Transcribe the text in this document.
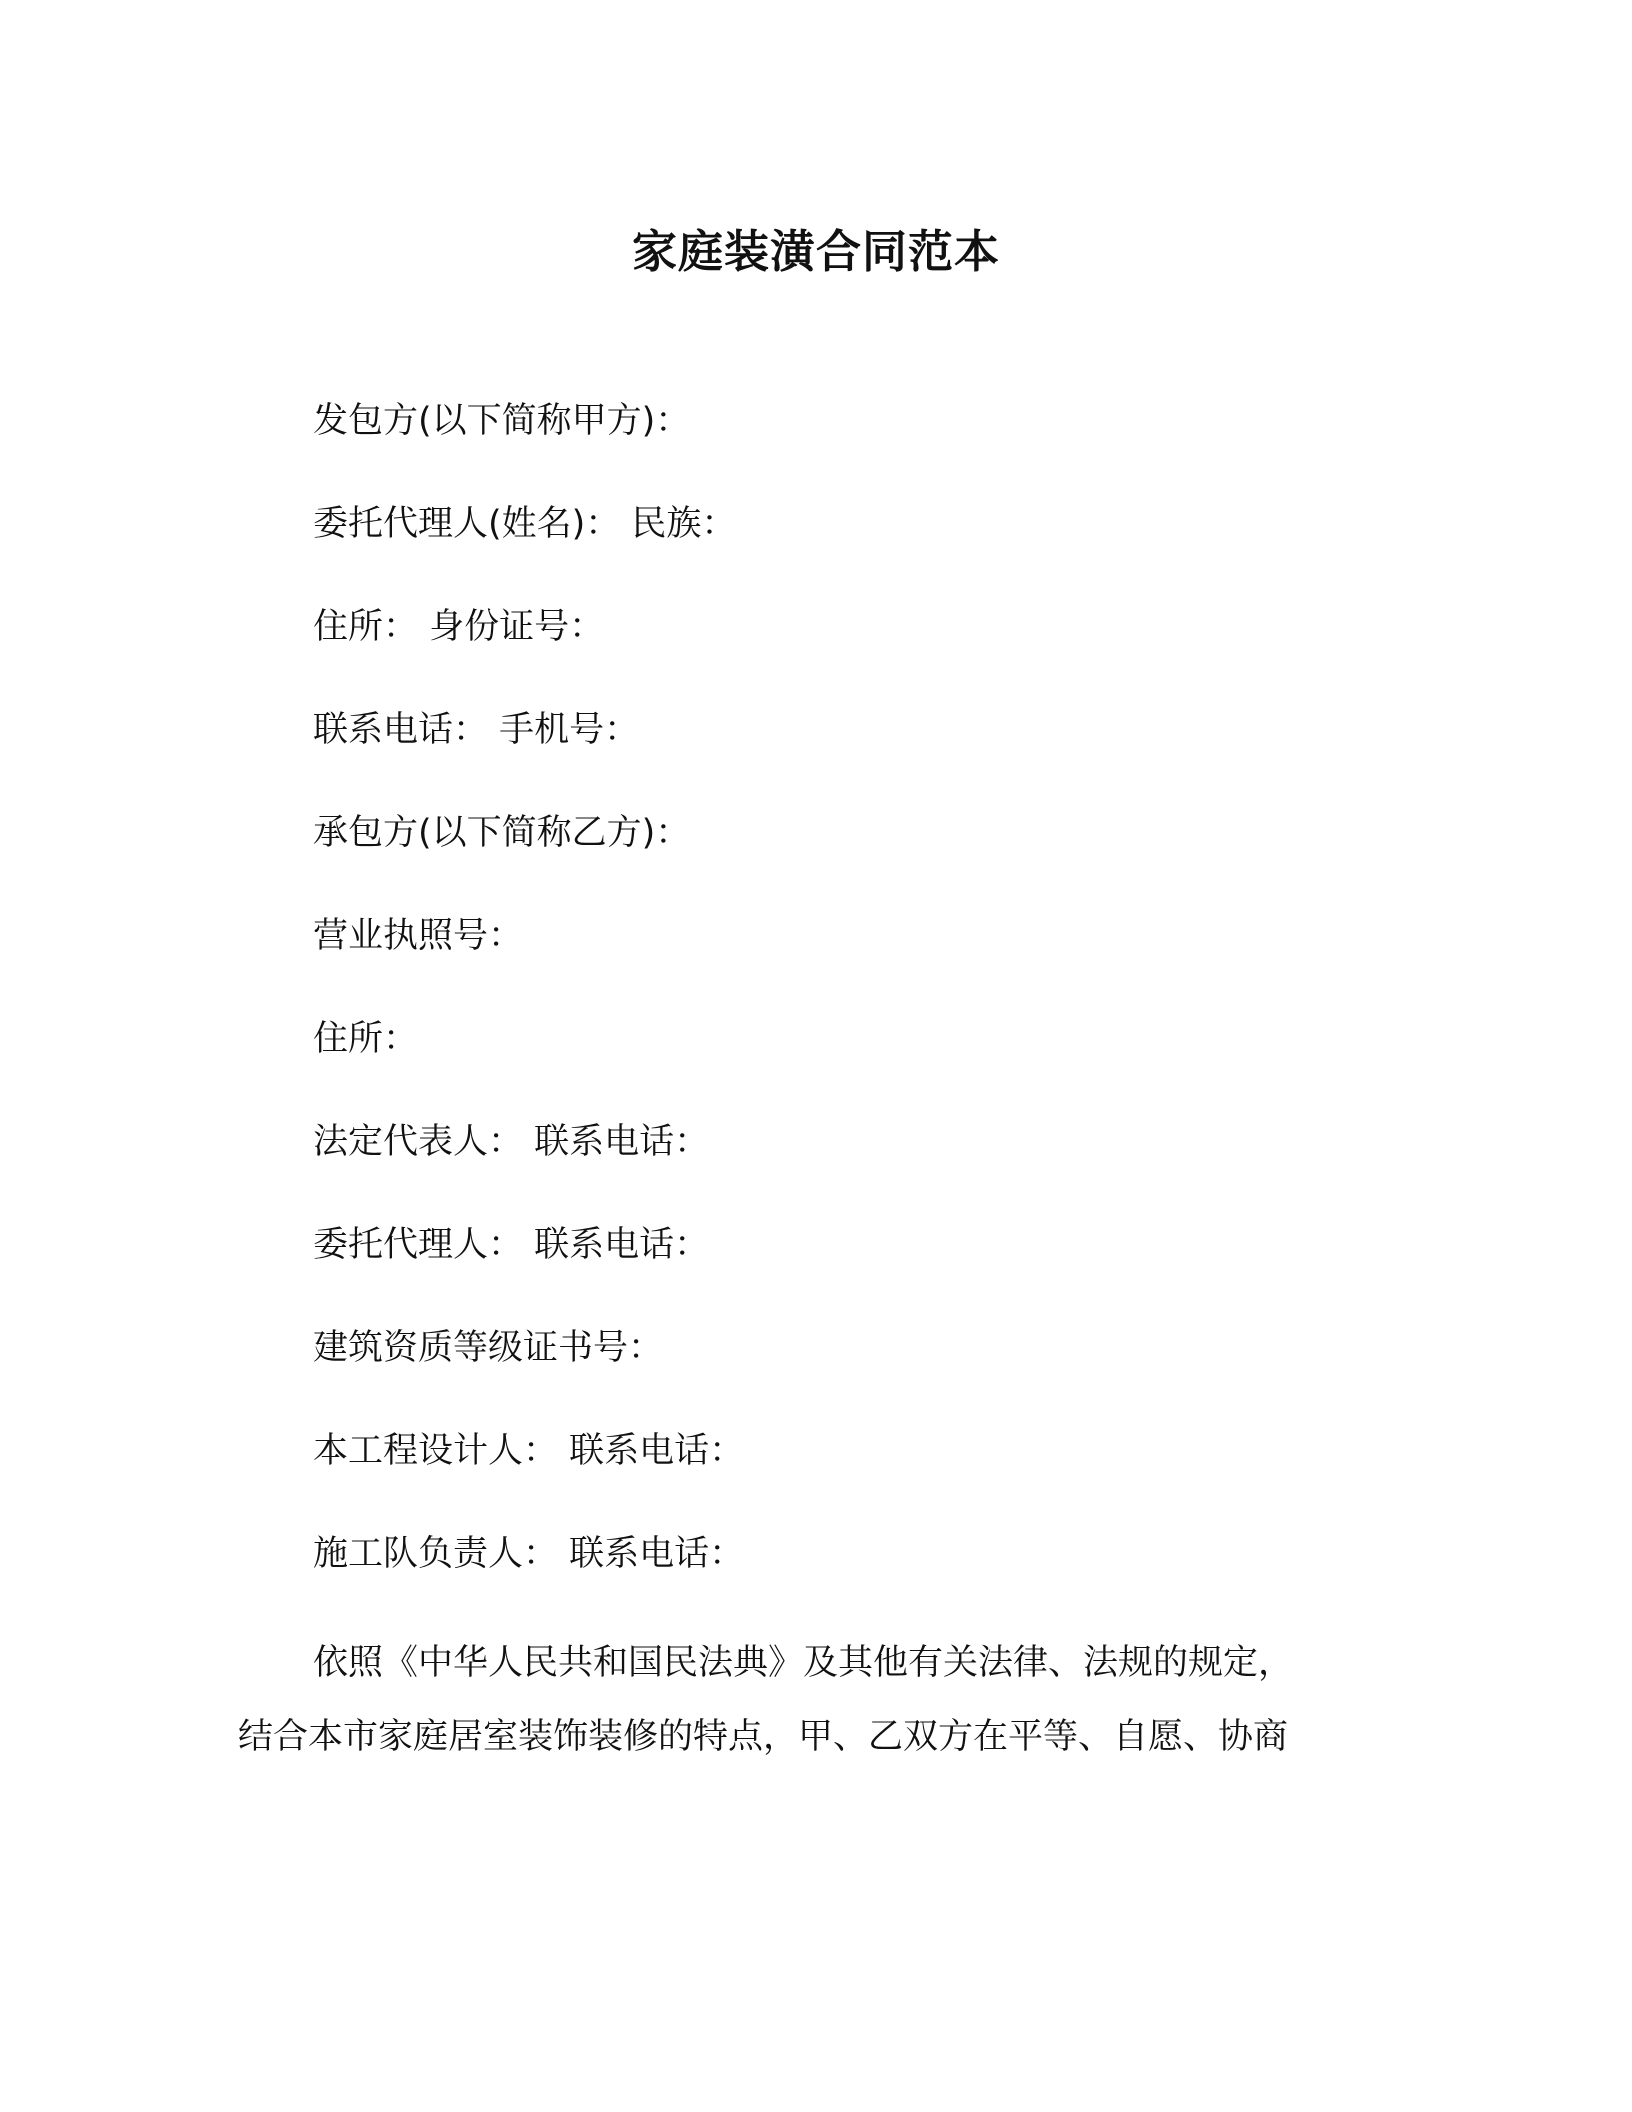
家庭装潢合同范本
发包方(以下简称甲方)：
委托代理人(姓名)： 民族：
住所： 身份证号：
联系电话： 手机号：
承包方(以下简称乙方)：
营业执照号：
住所：
法定代表人： 联系电话：
委托代理人： 联系电话：
建筑资质等级证书号：
本工程设计人： 联系电话：
施工队负责人： 联系电话：
依照《中华人民共和国民法典》及其他有关法律、法规的规定，
结合本市家庭居室装饰装修的特点，甲、乙双方在平等、自愿、协商
